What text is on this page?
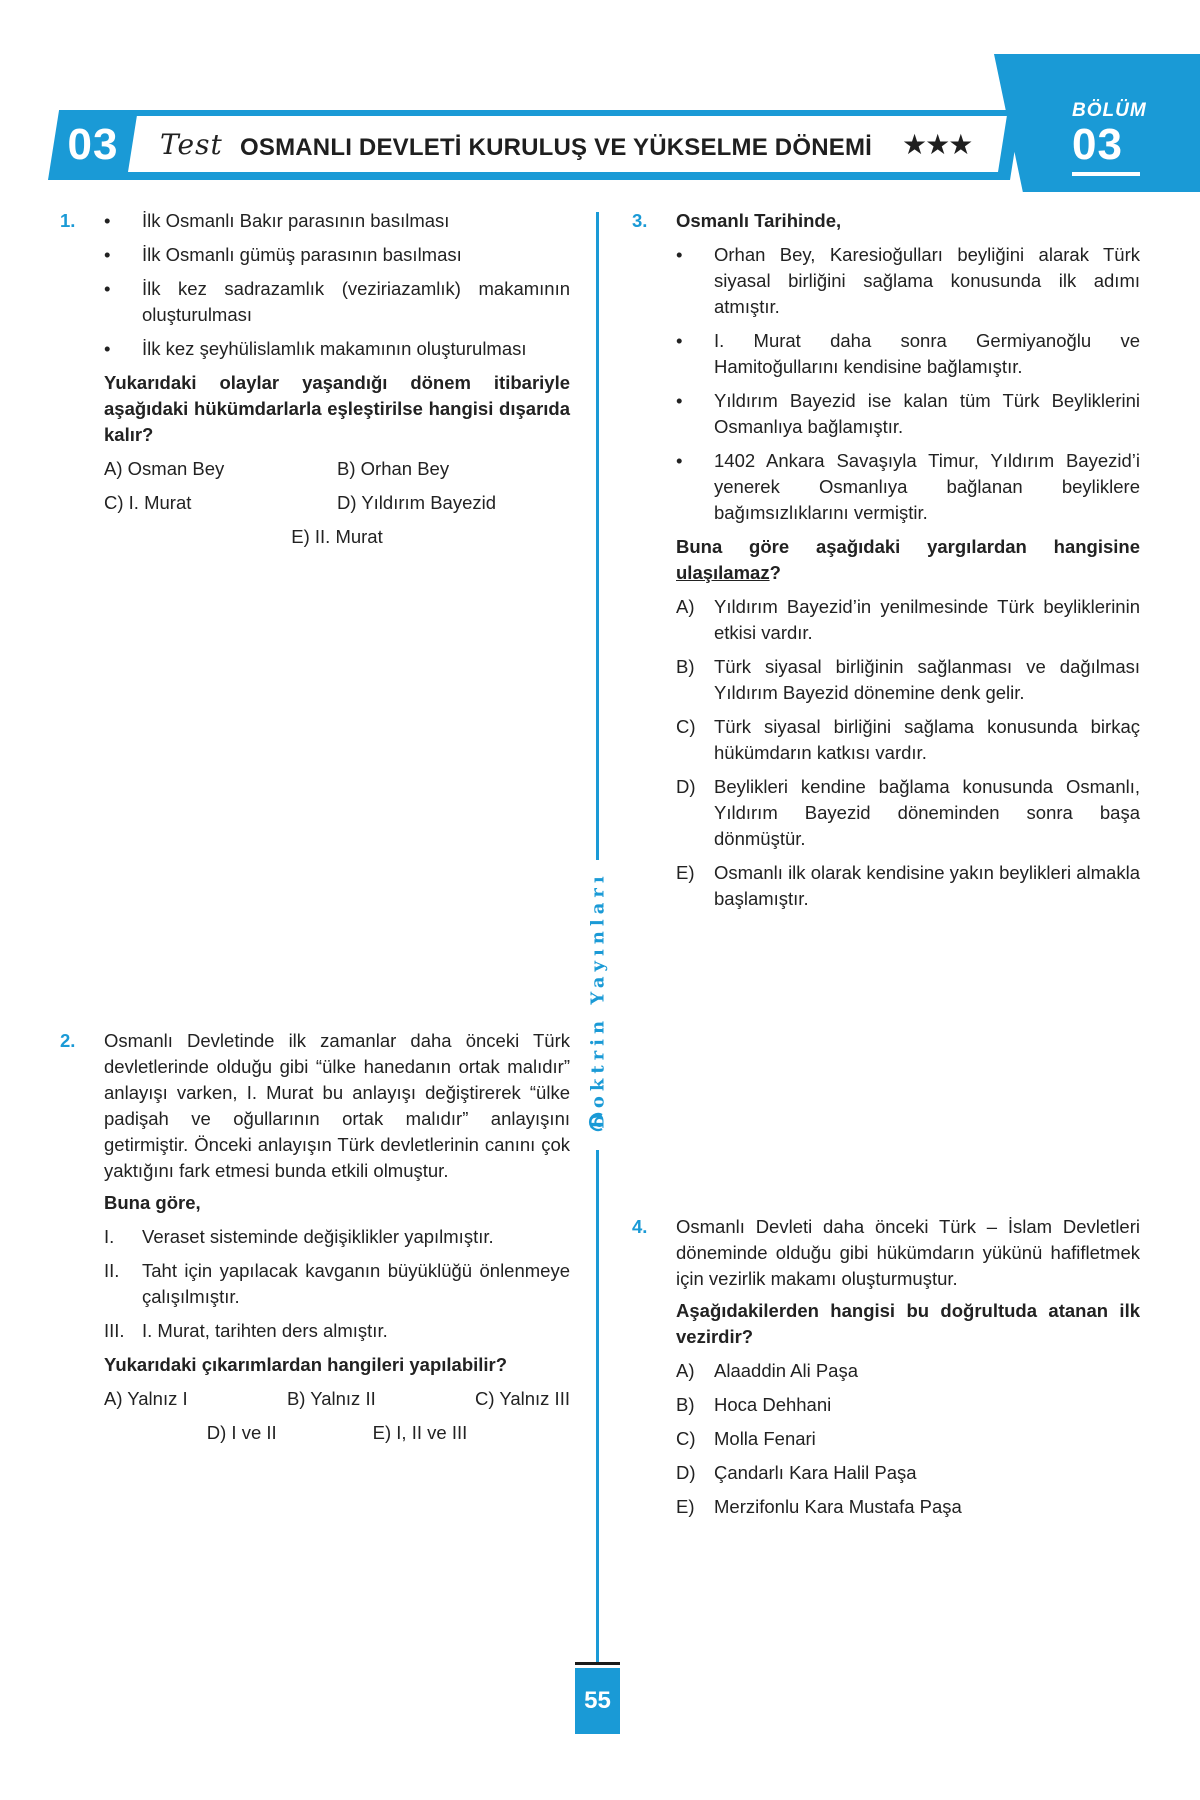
03	Test OSMANLI DEVLETİ KURULUŞ VE YÜKSELME DÖNEMİ ★★★
BÖLÜM
03
1.
•	İlk Osmanlı Bakır parasının basılması
• İlk Osmanlı gümüş parasının basılması
• İlk kez sadrazamlık (veziriazamlık) makamının oluşturulması
• İlk kez şeyhülislamlık makamının oluşturulması
Yukarıdaki olaylar yaşandığı dönem itibariyle aşağıdaki hükümdarlarla eşleştirilse hangisi dışarıda kalır?
A) Osman Bey	B) Orhan Bey
C) I. Murat	D) Yıldırım Bayezid
E) II. Murat
2. Osmanlı Devletinde ilk zamanlar daha önceki Türk devletlerinde olduğu gibi “ülke hanedanın ortak malıdır” anlayışı varken, I. Murat bu anlayışı değiştirerek “ülke padişah ve oğullarının ortak malıdır” anlayışını getirmiştir. Önceki anlayışın Türk devletlerinin canını çok yaktığını fark etmesi bunda etkili olmuştur.
Buna göre,
I. Veraset sisteminde değişiklikler yapılmıştır.
II. Taht için yapılacak kavganın büyüklüğü önlenmeye çalışılmıştır.
III. I. Murat, tarihten ders almıştır.
Yukarıdaki çıkarımlardan hangileri yapılabilir?
A) Yalnız I	B) Yalnız II	C) Yalnız III
D) I ve II	E) I, II ve III
Doktrin Yayınları
3. Osmanlı Tarihinde,
• Orhan Bey, Karesioğulları beyliğini alarak Türk siyasal birliğini sağlama konusunda ilk adımı atmıştır.
• I. Murat daha sonra Germiyanoğlu ve Hamitoğullarını kendisine bağlamıştır.
• Yıldırım Bayezid ise kalan tüm Türk Beyliklerini Osmanlıya bağlamıştır.
• 1402 Ankara Savaşıyla Timur, Yıldırım Bayezid’i yenerek Osmanlıya bağlanan beyliklere bağımsızlıklarını vermiştir.
Buna göre aşağıdaki yargılardan hangisine ulaşılamaz?
A) Yıldırım Bayezid’in yenilmesinde Türk beyliklerinin etkisi vardır.
B) Türk siyasal birliğinin sağlanması ve dağılması Yıldırım Bayezid dönemine denk gelir.
C) Türk siyasal birliğini sağlama konusunda birkaç hükümdarın katkısı vardır.
D) Beylikleri kendine bağlama konusunda Osmanlı, Yıldırım Bayezid döneminden sonra başa dönmüştür.
E) Osmanlı ilk olarak kendisine yakın beylikleri almakla başlamıştır.
4. Osmanlı Devleti daha önceki Türk – İslam Devletleri döneminde olduğu gibi hükümdarın yükünü hafifletmek için vezirlik makamı oluşturmuştur.
Aşağıdakilerden hangisi bu doğrultuda atanan ilk vezirdir?
A) Alaaddin Ali Paşa
B) Hoca Dehhani
C) Molla Fenari
D) Çandarlı Kara Halil Paşa
E) Merzifonlu Kara Mustafa Paşa
55
